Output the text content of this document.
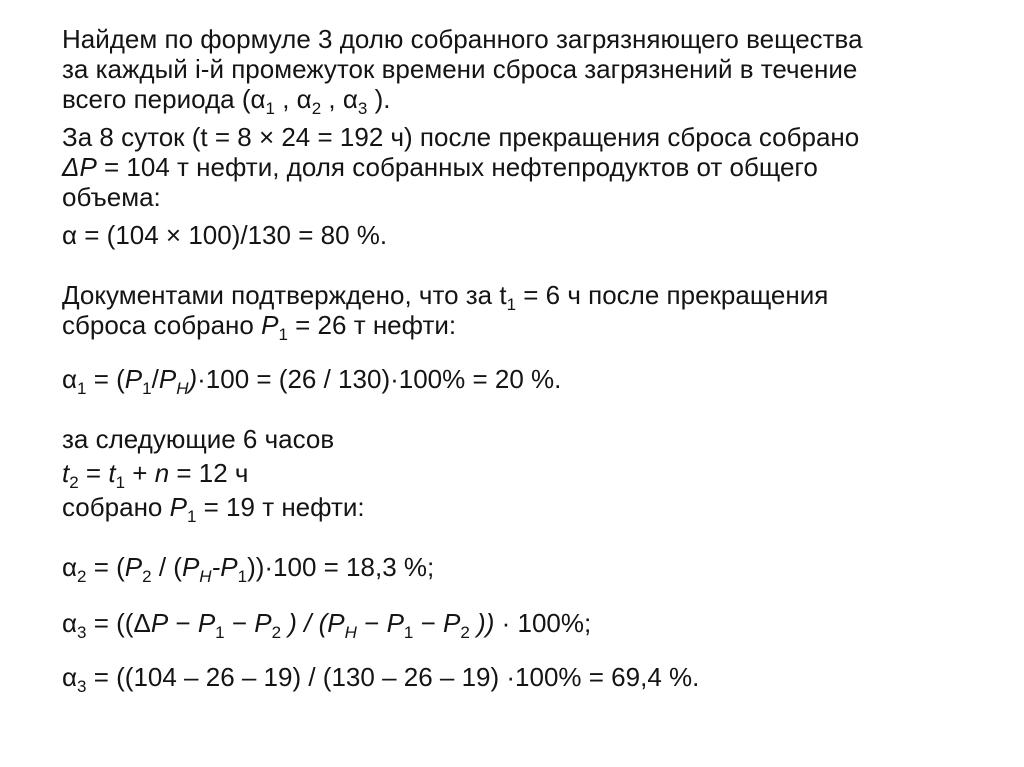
Найдем по формуле 3 долю собранного загрязняющего вещества
за каждый i-й промежуток времени сброса загрязнений в течение
всего периода ($\alpha_1$ , $\alpha_2$ , $\alpha_3$ ).
За 8 суток (t = 8 × 24 = 192 ч) после прекращения сброса собрано
ΔP = 104 т нефти, доля собранных нефтепродуктов от общего
объема:
α = (104 × 100)/130 = 80 %.
Документами подтверждено, что за $t_1 = 6$ ч после прекращения
сброса собрано $P_1 = 26$ т нефти:
$\alpha_1 = (P_1/P_Н)\cdot 100 = (26 / 130)\cdot 100\% = 20$ %.
за следующие 6 часов
$t_2 = t_1 + n = 12$ ч
собрано $P_1 = 19$ т нефти:
$\alpha_2 = (P_2 / (P_Н-P_1))\cdot 100 = 18,3$ %;
$\alpha_3 = ((\Delta P - P_1 - P_2$ ) / ($P_Н - P_1 - P_2$ )) · 100%;
$\alpha_3 = ((104 - 26 - 19) / (130 - 26 - 19) \cdot 100\% = 69,4$ %.
